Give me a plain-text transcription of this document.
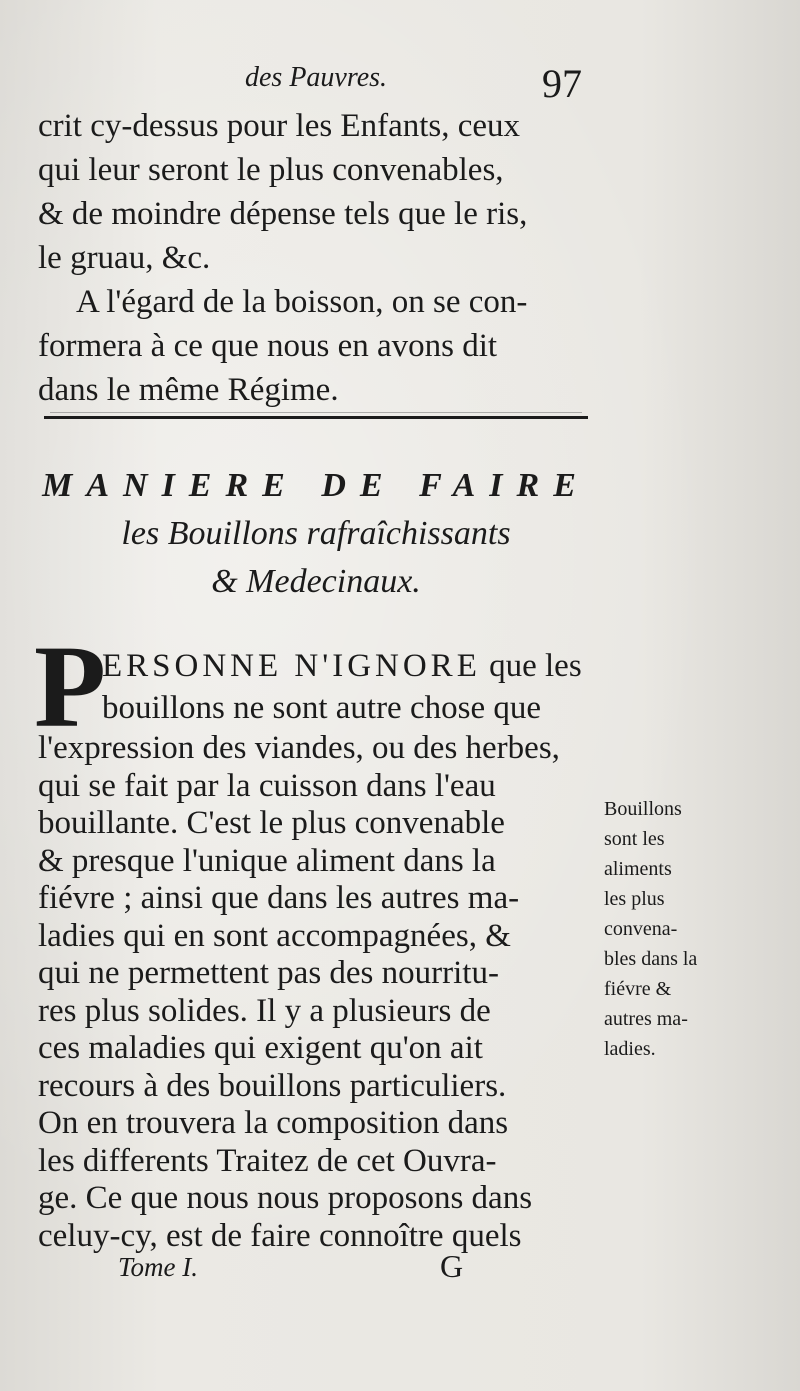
des Pauvres.	97
crit cy-dessus pour les Enfants, ceux
qui leur seront le plus convenables,
& de moindre dépense tels que le ris,
le gruau, &c.
A l'égard de la boisson, on se con-
formera à ce que nous en avons dit
dans le même Régime.
MANIERE DE FAIRE
les Bouillons rafraîchissants
& Medecinaux.
P
ERSONNE N'IGNORE que les
bouillons ne sont autre chose que
l'expression des viandes, ou des herbes,
qui se fait par la cuisson dans l'eau
bouillante. C'est le plus convenable
& presque l'unique aliment dans la
fiévre ; ainsi que dans les autres ma-
ladies qui en sont accompagnées, &
qui ne permettent pas des nourritu-
res plus solides. Il y a plusieurs de
ces maladies qui exigent qu'on ait
recours à des bouillons particuliers.
On en trouvera la composition dans
les differents Traitez de cet Ouvra-
ge. Ce que nous nous proposons dans
Bouillons
sont les
aliments
les plus
convena-
bles dans la
fiévre &
autres ma-
ladies.
Tome I.	G
celuy-cy, est de faire connoître quels
